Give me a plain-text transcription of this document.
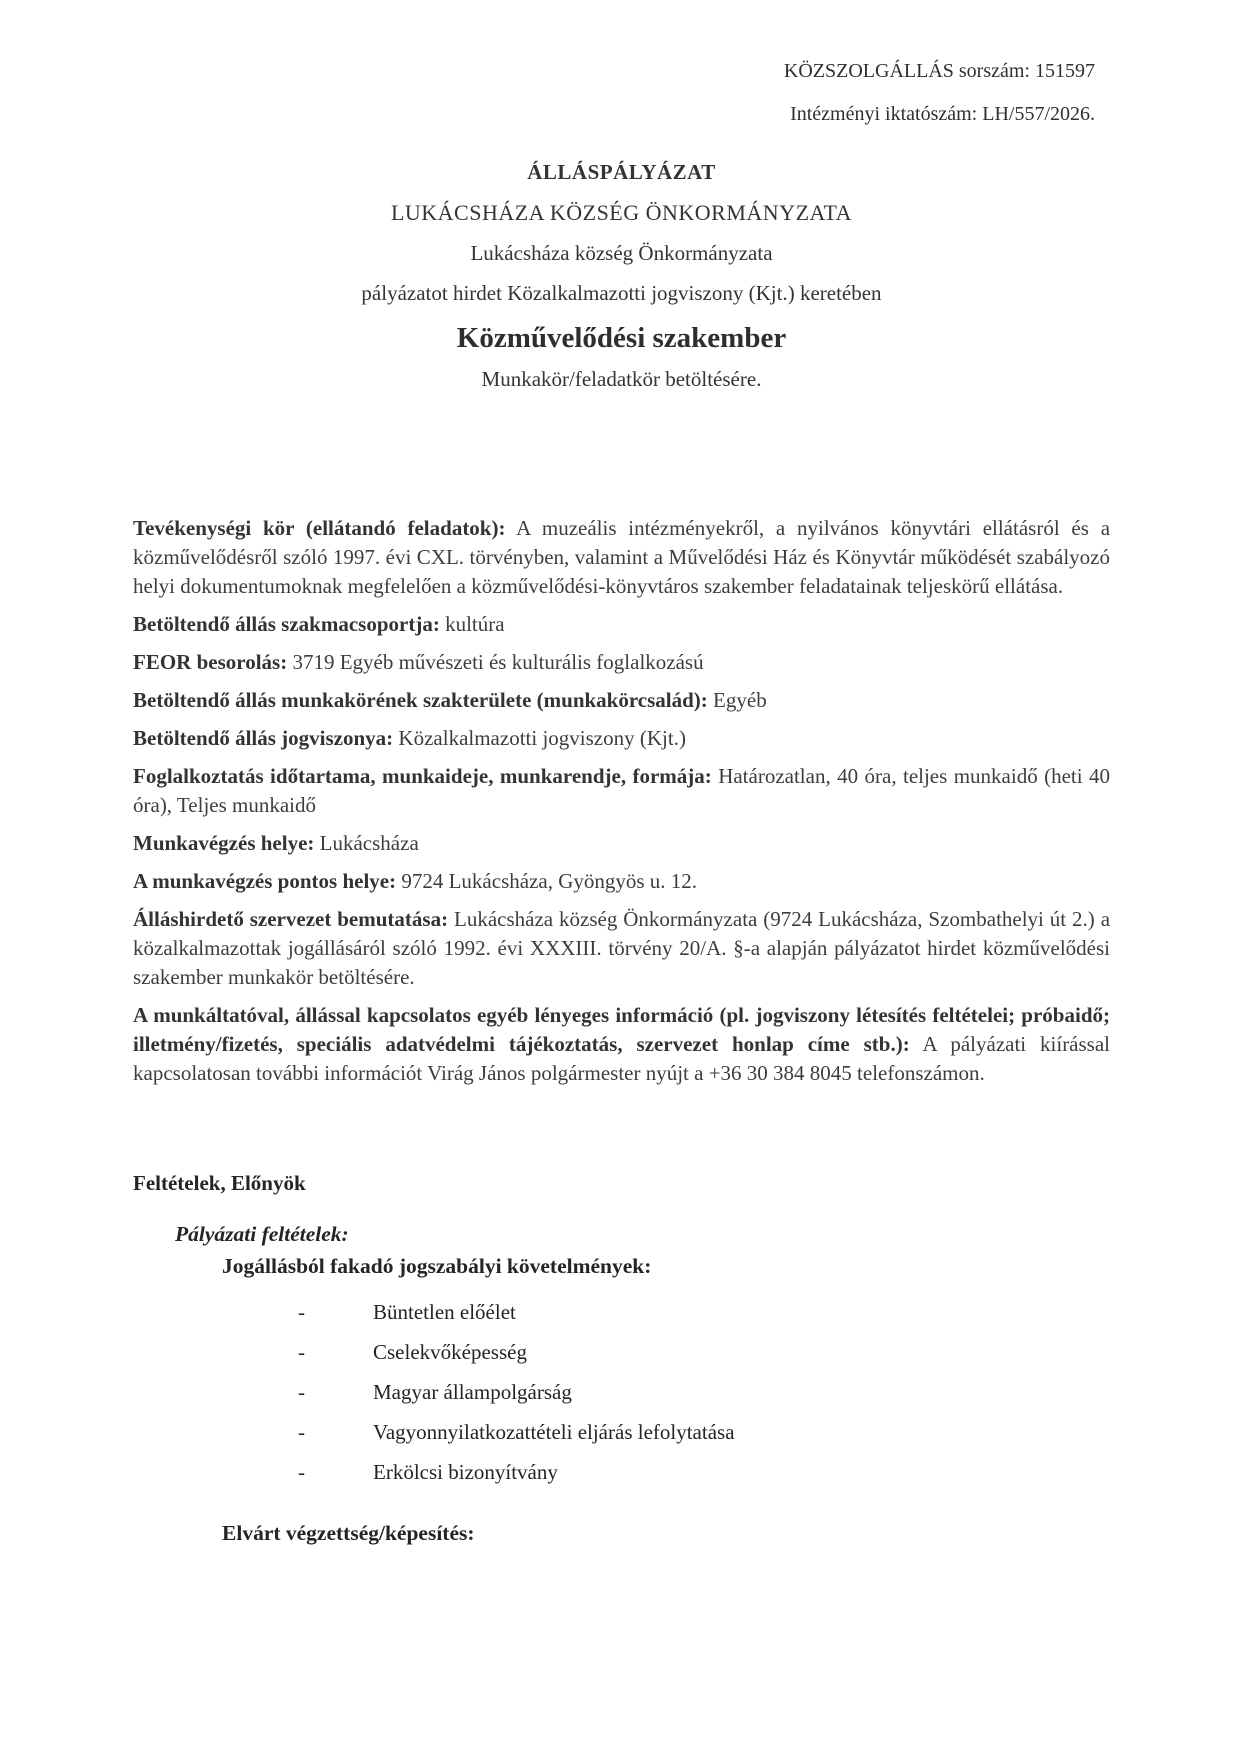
KÖZSZOLGÁLLÁS sorszám: 151597

Intézményi iktatószám: LH/557/2026.

ÁLLÁSPÁLYÁZAT

LUKÁCSHÁZA KÖZSÉG ÖNKORMÁNYZATA

Lukácsháza község Önkormányzata

pályázatot hirdet Közalkalmazotti jogviszony (Kjt.) keretében

Közművelődési szakember

Munkakör/feladatkör betöltésére.

Tevékenységi kör (ellátandó feladatok): A muzeális intézményekről, a nyilvános könyvtári ellátásról és a közművelődésről szóló 1997. évi CXL. törvényben, valamint a Művelődési Ház és Könyvtár működését szabályozó helyi dokumentumoknak megfelelően a közművelődési-könyvtáros szakember feladatainak teljeskörű ellátása.

Betöltendő állás szakmacsoportja: kultúra

FEOR besorolás: 3719 Egyéb művészeti és kulturális foglalkozású

Betöltendő állás munkakörének szakterülete (munkakörcsalád): Egyéb

Betöltendő állás jogviszonya: Közalkalmazotti jogviszony (Kjt.)

Foglalkoztatás időtartama, munkaideje, munkarendje, formája: Határozatlan, 40 óra, teljes munkaidő (heti 40 óra), Teljes munkaidő

Munkavégzés helye: Lukácsháza

A munkavégzés pontos helye: 9724 Lukácsháza, Gyöngyös u. 12.

Álláshirdető szervezet bemutatása: Lukácsháza község Önkormányzata (9724 Lukácsháza, Szombathelyi út 2.) a közalkalmazottak jogállásáról szóló 1992. évi XXXIII. törvény 20/A. §-a alapján pályázatot hirdet közművelődési szakember munkakör betöltésére.

A munkáltatóval, állással kapcsolatos egyéb lényeges információ (pl. jogviszony létesítés feltételei; próbaidő; illetmény/fizetés, speciális adatvédelmi tájékoztatás, szervezet honlap címe stb.): A pályázati kiírással kapcsolatosan további információt Virág János polgármester nyújt a +36 30 384 8045 telefonszámon.

Feltételek, Előnyök

Pályázati feltételek:

Jogállásból fakadó jogszabályi követelmények:

-	Büntetlen előélet
-	Cselekvőképesség
-	Magyar állampolgárság
-	Vagyonnyilatkozattételi eljárás lefolytatása
-	Erkölcsi bizonyítvány

Elvárt végzettség/képesítés:
